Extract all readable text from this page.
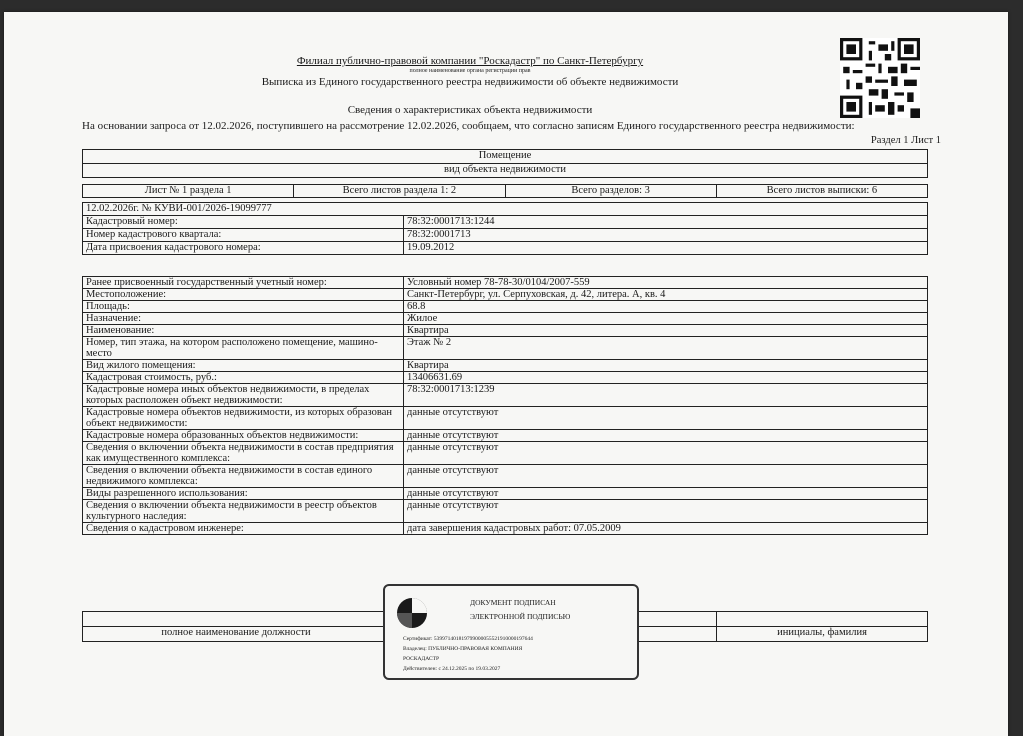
Филиал публично-правовой компании "Роскадастр" по Санкт-Петербургу
полное наименование органа регистрации прав
Выписка из Единого государственного реестра недвижимости об объекте недвижимости
Сведения о характеристиках объекта недвижимости
На основании запроса от 12.02.2026, поступившего на рассмотрение 12.02.2026, сообщаем, что согласно записям Единого государственного реестра недвижимости:
Раздел 1 Лист 1
Помещение
вид объекта недвижимости
Лист № 1 раздела 1	Всего листов раздела 1: 2	Всего разделов: 3	Всего листов выписки: 6
12.02.2026г. № КУВИ-001/2026-19099777	
Кадастровый номер:	78:32:0001713:1244
Номер кадастрового квартала:	78:32:0001713
Дата присвоения кадастрового номера:	19.09.2012
Ранее присвоенный государственный учетный номер:	Условный номер 78-78-30/0104/2007-559
Местоположение:	Санкт-Петербург, ул. Серпуховская, д. 42, литера. А, кв. 4
Площадь:	68.8
Назначение:	Жилое
Наименование:	Квартира
Номер, тип этажа, на котором расположено помещение, машино-место	Этаж № 2
Вид жилого помещения:	Квартира
Кадастровая стоимость, руб.:	13406631.69
Кадастровые номера иных объектов недвижимости, в пределах которых расположен объект недвижимости:	78:32:0001713:1239
Кадастровые номера объектов недвижимости, из которых образован объект недвижимости:	данные отсутствуют
Кадастровые номера образованных объектов недвижимости:	данные отсутствуют
Сведения о включении объекта недвижимости в состав предприятия как имущественного комплекса:	данные отсутствуют
Сведения о включении объекта недвижимости в состав единого недвижимого комплекса:	данные отсутствуют
Виды разрешенного использования:	данные отсутствуют
Сведения о включении объекта недвижимости в реестр объектов культурного наследия:	данные отсутствуют
Сведения о кадастровом инженере:	дата завершения кадастровых работ: 07.05.2009

полное наименование должности		инициалы, фамилия
ДОКУМЕНТ ПОДПИСАН
ЭЛЕКТРОННОЙ ПОДПИСЬЮ
Сертификат: 539971401819799000055521910000197644
Владелец: ПУБЛИЧНО-ПРАВОВАЯ КОМПАНИЯ
РОСКАДАСТР
Действителен: с 24.12.2025 по 19.03.2027
